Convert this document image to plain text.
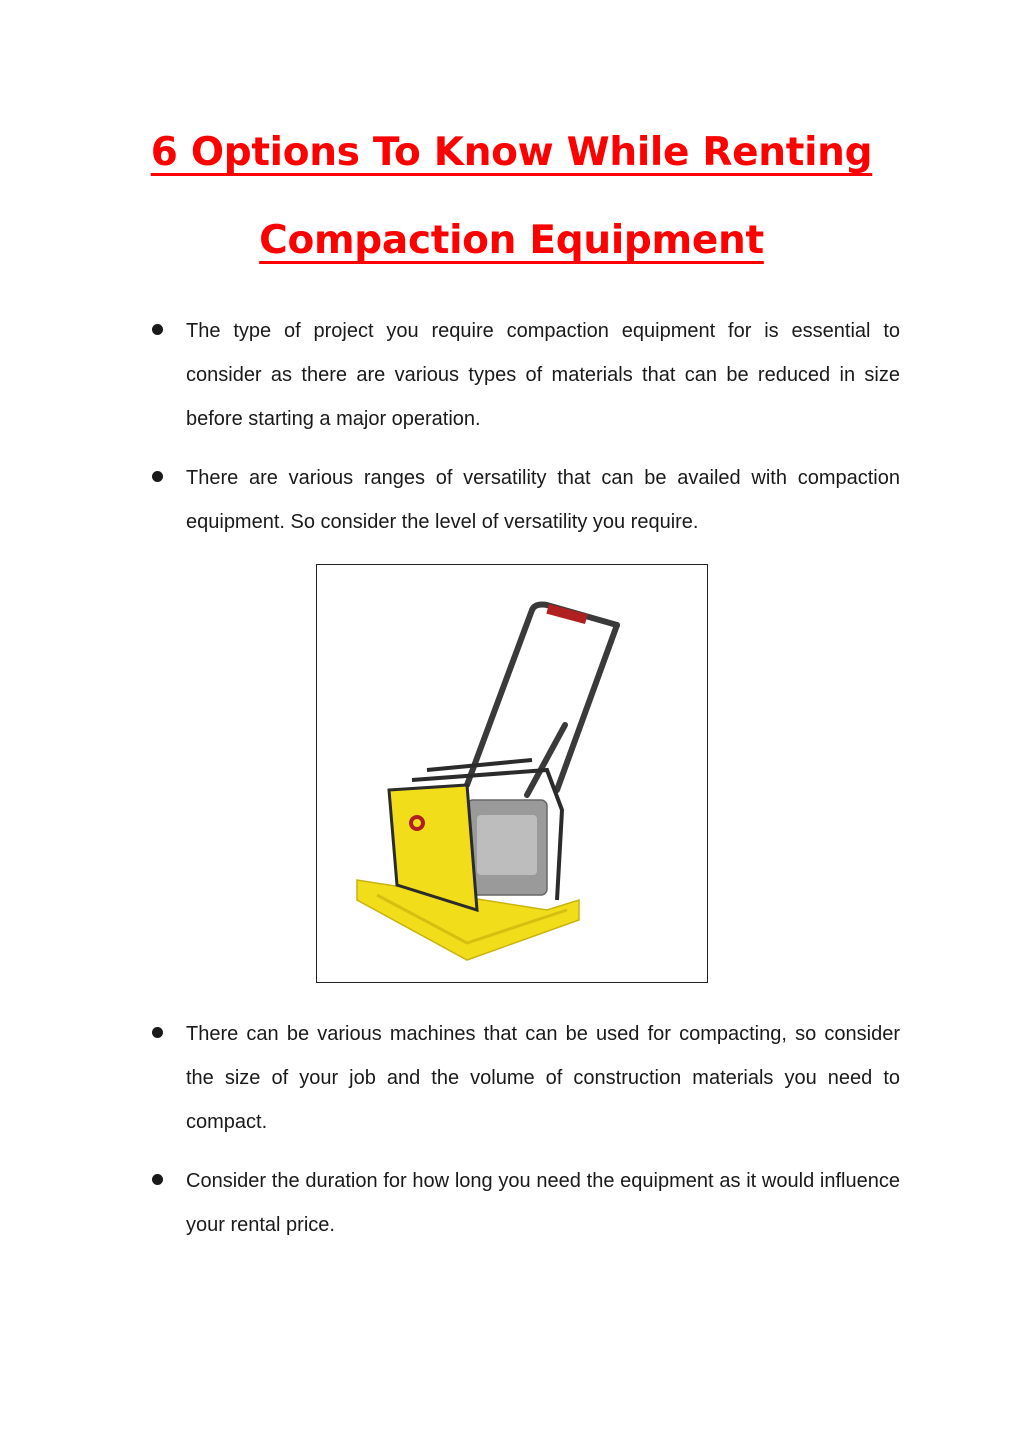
6 Options To Know While Renting
Compaction Equipment
The type of project you require compaction equipment for is essential to consider as there are various types of materials that can be reduced in size before starting a major operation.
There are various ranges of versatility that can be availed with compaction equipment. So consider the level of versatility you require.
There can be various machines that can be used for compacting, so consider the size of your job and the volume of construction materials you need to compact.
Consider the duration for how long you need the equipment as it would influence your rental price.
